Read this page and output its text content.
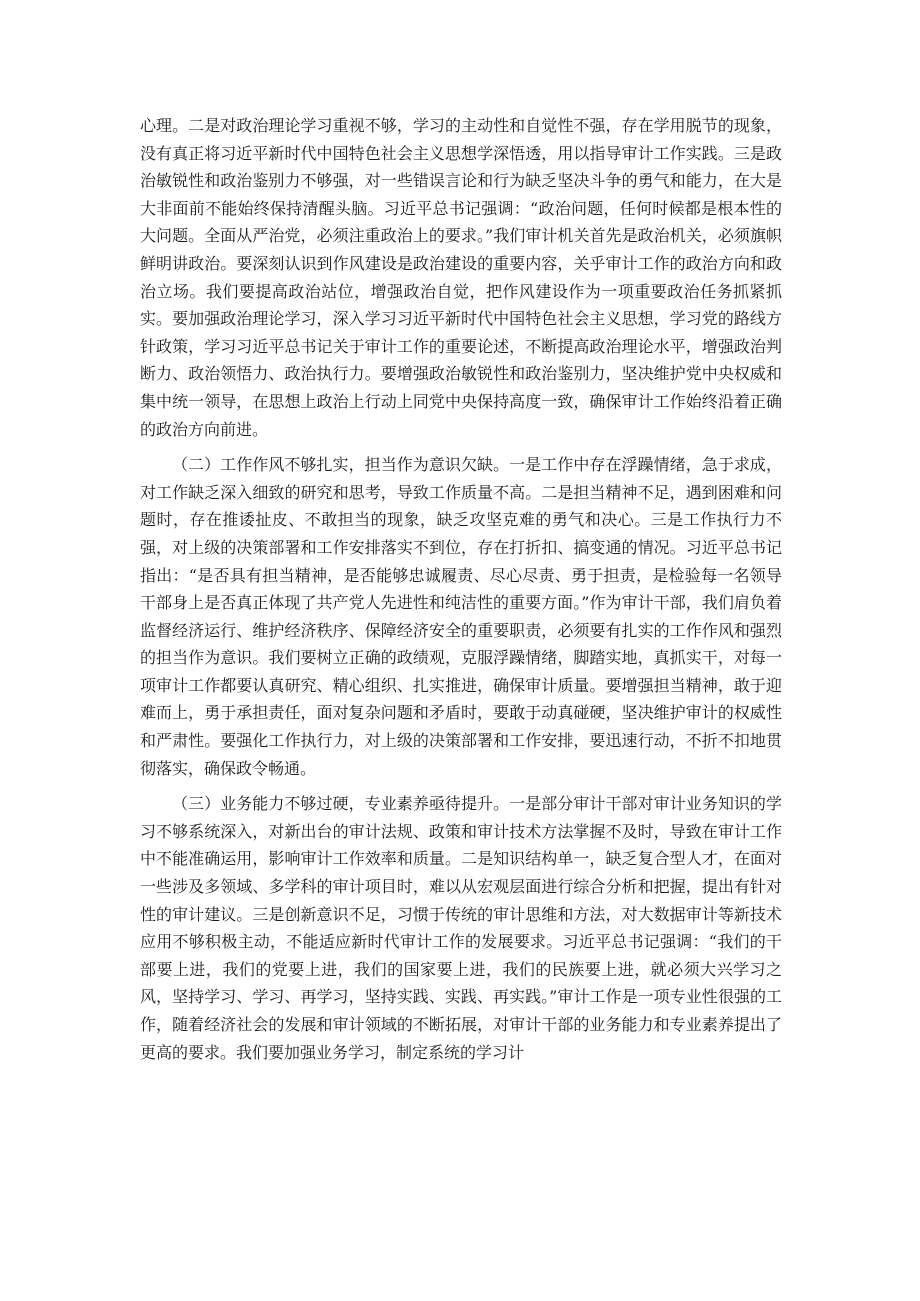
心理。二是对政治理论学习重视不够，学习的主动性和自觉性不强，存在学用脱节的现象，没有真正将习近平新时代中国特色社会主义思想学深悟透，用以指导审计工作实践。三是政治敏锐性和政治鉴别力不够强，对一些错误言论和行为缺乏坚决斗争的勇气和能力，在大是大非面前不能始终保持清醒头脑。习近平总书记强调：“政治问题，任何时候都是根本性的大问题。全面从严治党，必须注重政治上的要求。”我们审计机关首先是政治机关，必须旗帜鲜明讲政治。要深刻认识到作风建设是政治建设的重要内容，关乎审计工作的政治方向和政治立场。我们要提高政治站位，增强政治自觉，把作风建设作为一项重要政治任务抓紧抓实。要加强政治理论学习，深入学习习近平新时代中国特色社会主义思想，学习党的路线方针政策，学习习近平总书记关于审计工作的重要论述，不断提高政治理论水平，增强政治判断力、政治领悟力、政治执行力。要增强政治敏锐性和政治鉴别力，坚决维护党中央权威和集中统一领导，在思想上政治上行动上同党中央保持高度一致，确保审计工作始终沿着正确的政治方向前进。

（二）工作作风不够扎实，担当作为意识欠缺。一是工作中存在浮躁情绪，急于求成，对工作缺乏深入细致的研究和思考，导致工作质量不高。二是担当精神不足，遇到困难和问题时，存在推诿扯皮、不敢担当的现象，缺乏攻坚克难的勇气和决心。三是工作执行力不强，对上级的决策部署和工作安排落实不到位，存在打折扣、搞变通的情况。习近平总书记指出：“是否具有担当精神，是否能够忠诚履责、尽心尽责、勇于担责，是检验每一名领导干部身上是否真正体现了共产党人先进性和纯洁性的重要方面。”作为审计干部，我们肩负着监督经济运行、维护经济秩序、保障经济安全的重要职责，必须要有扎实的工作作风和强烈的担当作为意识。我们要树立正确的政绩观，克服浮躁情绪，脚踏实地，真抓实干，对每一项审计工作都要认真研究、精心组织、扎实推进，确保审计质量。要增强担当精神，敢于迎难而上，勇于承担责任，面对复杂问题和矛盾时，要敢于动真碰硬，坚决维护审计的权威性和严肃性。要强化工作执行力，对上级的决策部署和工作安排，要迅速行动，不折不扣地贯彻落实，确保政令畅通。

（三）业务能力不够过硬，专业素养亟待提升。一是部分审计干部对审计业务知识的学习不够系统深入，对新出台的审计法规、政策和审计技术方法掌握不及时，导致在审计工作中不能准确运用，影响审计工作效率和质量。二是知识结构单一，缺乏复合型人才，在面对一些涉及多领域、多学科的审计项目时，难以从宏观层面进行综合分析和把握，提出有针对性的审计建议。三是创新意识不足，习惯于传统的审计思维和方法，对大数据审计等新技术应用不够积极主动，不能适应新时代审计工作的发展要求。习近平总书记强调：“我们的干部要上进，我们的党要上进，我们的国家要上进，我们的民族要上进，就必须大兴学习之风，坚持学习、学习、再学习，坚持实践、实践、再实践。”审计工作是一项专业性很强的工作，随着经济社会的发展和审计领域的不断拓展，对审计干部的业务能力和专业素养提出了更高的要求。我们要加强业务学习，制定系统的学习计
